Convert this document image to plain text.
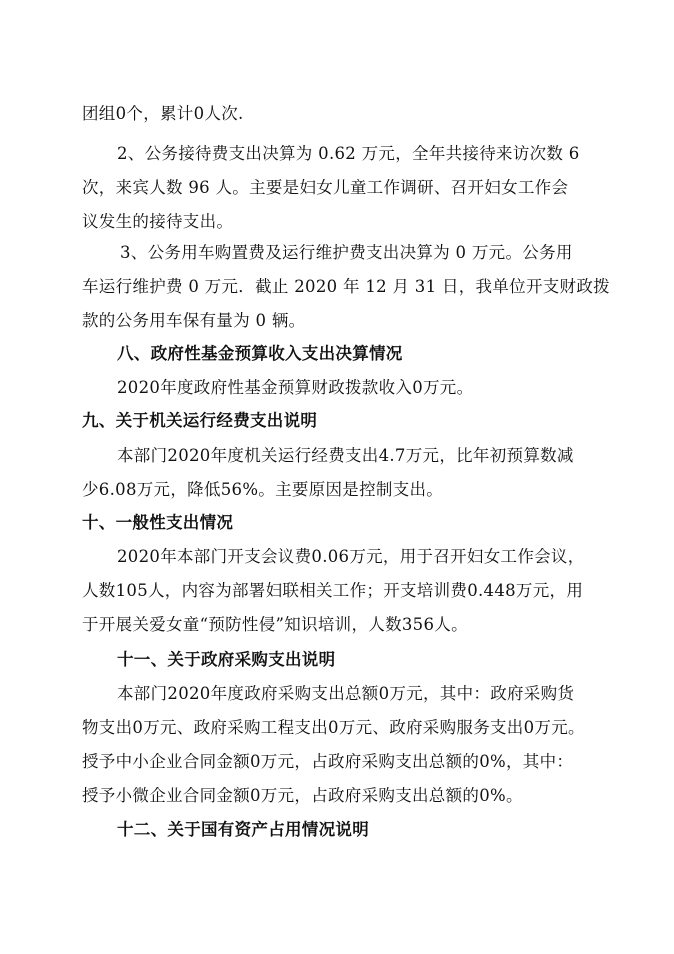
团组0个，累计0人次.
2、公务接待费支出决算为 0.62 万元，全年共接待来访次数 6
次，来宾人数 96 人。主要是妇女儿童工作调研、召开妇女工作会
议发生的接待支出。
3、公务用车购置费及运行维护费支出决算为 0 万元。公务用
车运行维护费 0 万元．截止 2020 年 12 月 31 日，我单位开支财政拨
款的公务用车保有量为 0 辆。
八、政府性基金预算收入支出决算情况
2020年度政府性基金预算财政拨款收入0万元。
九、关于机关运行经费支出说明
本部门2020年度机关运行经费支出4.7万元，比年初预算数减
少6.08万元，降低56%。主要原因是控制支出。
十、一般性支出情况
2020年本部门开支会议费0.06万元，用于召开妇女工作会议，
人数105人，内容为部署妇联相关工作；开支培训费0.448万元，用
于开展关爱女童“预防性侵”知识培训，人数356人。
十一、关于政府采购支出说明
本部门2020年度政府采购支出总额0万元，其中：政府采购货
物支出0万元、政府采购工程支出0万元、政府采购服务支出0万元。
授予中小企业合同金额0万元，占政府采购支出总额的0%，其中：
授予小微企业合同金额0万元，占政府采购支出总额的0%。
十二、关于国有资产占用情况说明
